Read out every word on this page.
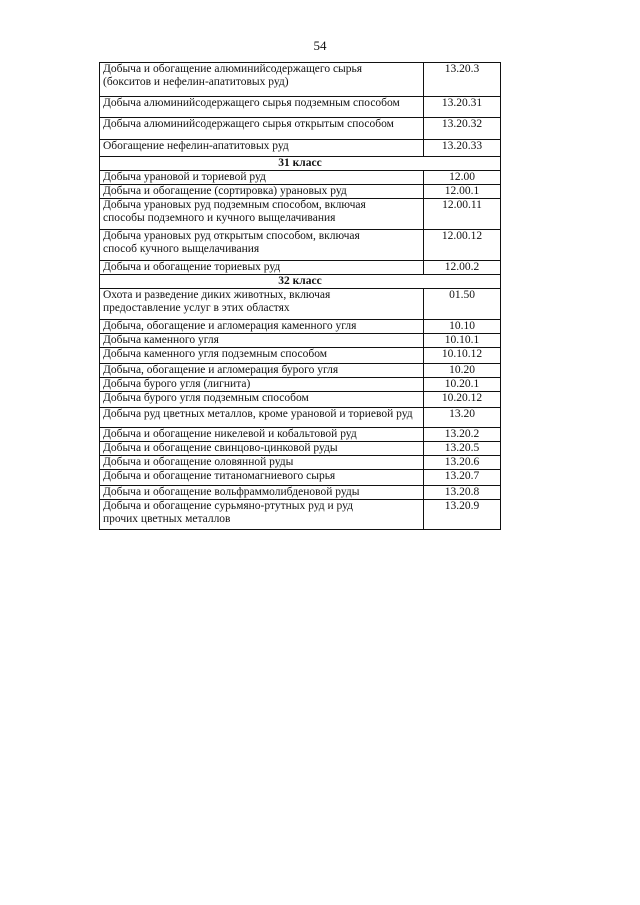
54
Добыча и обогащение алюминийсодержащего сырья
(бокситов и нефелин-апатитовых руд)	13.20.3
Добыча алюминийсодержащего сырья подземным способом	13.20.31
Добыча алюминийсодержащего сырья открытым способом	13.20.32
Обогащение нефелин-апатитовых руд	13.20.33
31 класс	
Добыча урановой и ториевой руд	12.00
Добыча и обогащение (сортировка) урановых руд	12.00.1
Добыча урановых руд подземным способом, включая
способы подземного и кучного выщелачивания	12.00.11
Добыча урановых руд открытым способом, включая
способ кучного выщелачивания	12.00.12
Добыча и обогащение ториевых руд	12.00.2
32 класс	
Охота и разведение диких животных, включая
предоставление услуг в этих областях	01.50
Добыча, обогащение и агломерация каменного угля	10.10
Добыча каменного угля	10.10.1
Добыча каменного угля подземным способом	10.10.12
Добыча, обогащение и агломерация бурого угля	10.20
Добыча бурого угля (лигнита)	10.20.1
Добыча бурого угля подземным способом	10.20.12
Добыча руд цветных металлов, кроме урановой и ториевой руд	13.20
Добыча и обогащение никелевой и кобальтовой руд	13.20.2
Добыча и обогащение свинцово-цинковой руды	13.20.5
Добыча и обогащение оловянной руды	13.20.6
Добыча и обогащение титаномагниевого сырья	13.20.7
Добыча и обогащение вольфраммолибденовой руды	13.20.8
Добыча и обогащение сурьмяно-ртутных руд и руд
прочих цветных металлов	13.20.9
